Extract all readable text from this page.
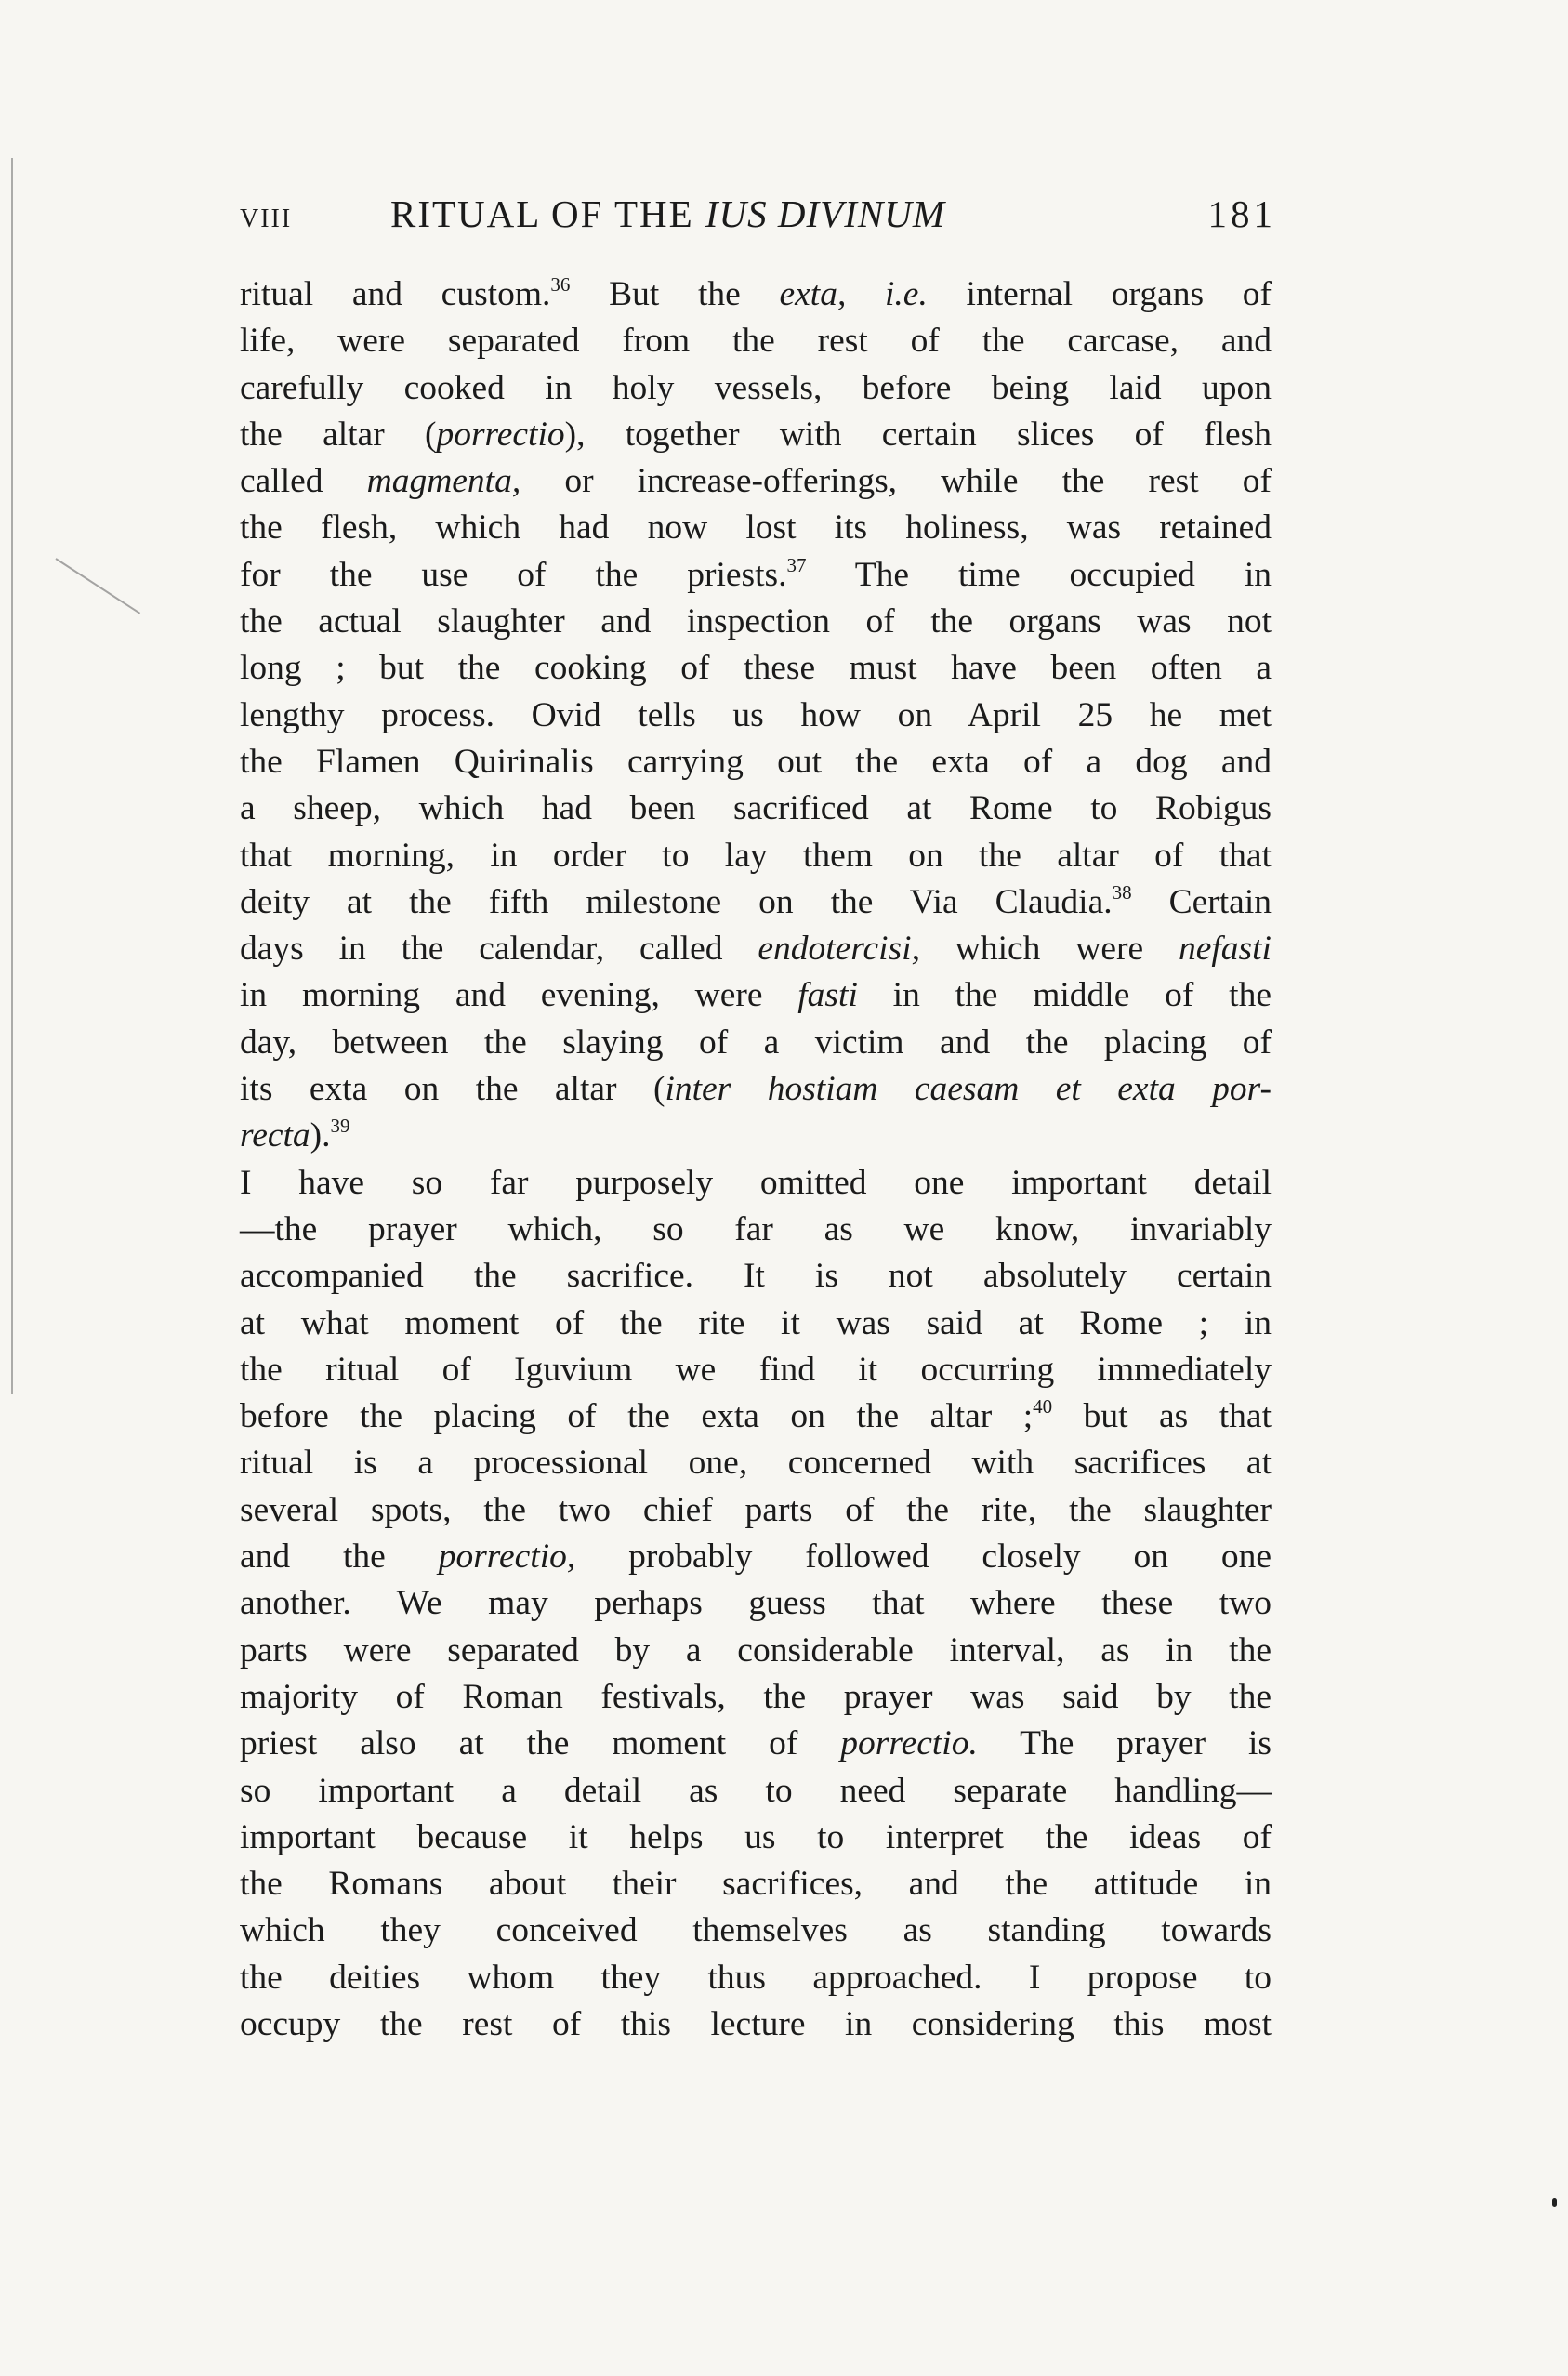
VIII	RITUAL OF THE IUS DIVINUM	181
ritual and custom.$^{36}$ But the exta, i.e. internal organs of
life, were separated from the rest of the carcase, and
carefully cooked in holy vessels, before being laid upon
the altar (porrectio), together with certain slices of flesh
called magmenta, or increase-offerings, while the rest of
the flesh, which had now lost its holiness, was retained
for the use of the priests.$^{37}$ The time occupied in
the actual slaughter and inspection of the organs was not
long ; but the cooking of these must have been often a
lengthy process. Ovid tells us how on April 25 he met
the Flamen Quirinalis carrying out the exta of a dog and
a sheep, which had been sacrificed at Rome to Robigus
that morning, in order to lay them on the altar of that
deity at the fifth milestone on the Via Claudia.$^{38}$ Certain
days in the calendar, called endotercisi, which were nefasti
in morning and evening, were fasti in the middle of the
day, between the slaying of a victim and the placing of
its exta on the altar (inter hostiam caesam et exta por-
recta).$^{39}$
I have so far purposely omitted one important detail
—the prayer which, so far as we know, invariably
accompanied the sacrifice. It is not absolutely certain
at what moment of the rite it was said at Rome ; in
the ritual of Iguvium we find it occurring immediately
before the placing of the exta on the altar ;$^{40}$ but as that
ritual is a processional one, concerned with sacrifices at
several spots, the two chief parts of the rite, the slaughter
and the porrectio, probably followed closely on one
another. We may perhaps guess that where these two
parts were separated by a considerable interval, as in the
majority of Roman festivals, the prayer was said by the
priest also at the moment of porrectio. The prayer is
so important a detail as to need separate handling—
important because it helps us to interpret the ideas of
the Romans about their sacrifices, and the attitude in
which they conceived themselves as standing towards
the deities whom they thus approached. I propose to
occupy the rest of this lecture in considering this most
